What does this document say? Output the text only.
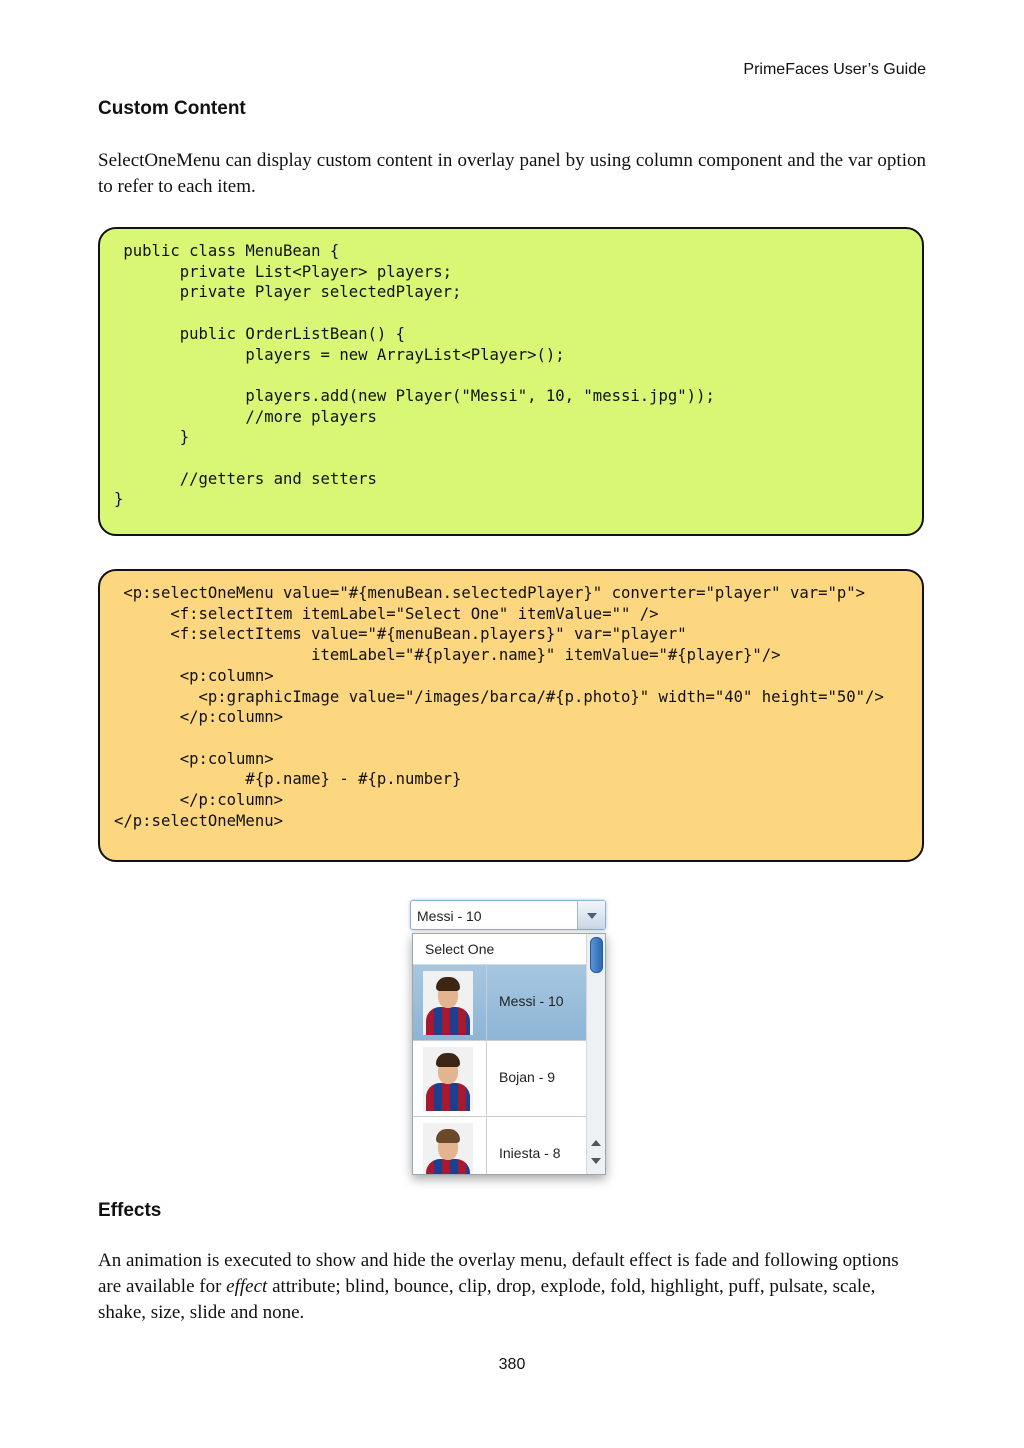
PrimeFaces User’s Guide
Custom Content
SelectOneMenu can display custom content in overlay panel by using column component and the var option to refer to each item.
public class MenuBean {
private List<Player> players;
private Player selectedPlayer;

public OrderListBean() {
players = new ArrayList<Player>();

players.add(new Player("Messi", 10, "messi.jpg"));
//more players
}

//getters and setters
}
<p:selectOneMenu value="#{menuBean.selectedPlayer}" converter="player" var="p">
<f:selectItem itemLabel="Select One" itemValue="" />
<f:selectItems value="#{menuBean.players}" var="player"
itemLabel="#{player.name}" itemValue="#{player}"/>
<p:column>
<p:graphicImage value="/images/barca/#{p.photo}" width="40" height="50"/>
</p:column>

<p:column>
#{p.name} - #{p.number}
</p:column>
</p:selectOneMenu>
Messi - 10
Select One
Messi - 10
Bojan - 9
Iniesta - 8
Effects
An animation is executed to show and hide the overlay menu, default effect is fade and following options are available for effect attribute; blind, bounce, clip, drop, explode, fold, highlight, puff, pulsate, scale, shake, size, slide and none.
380
